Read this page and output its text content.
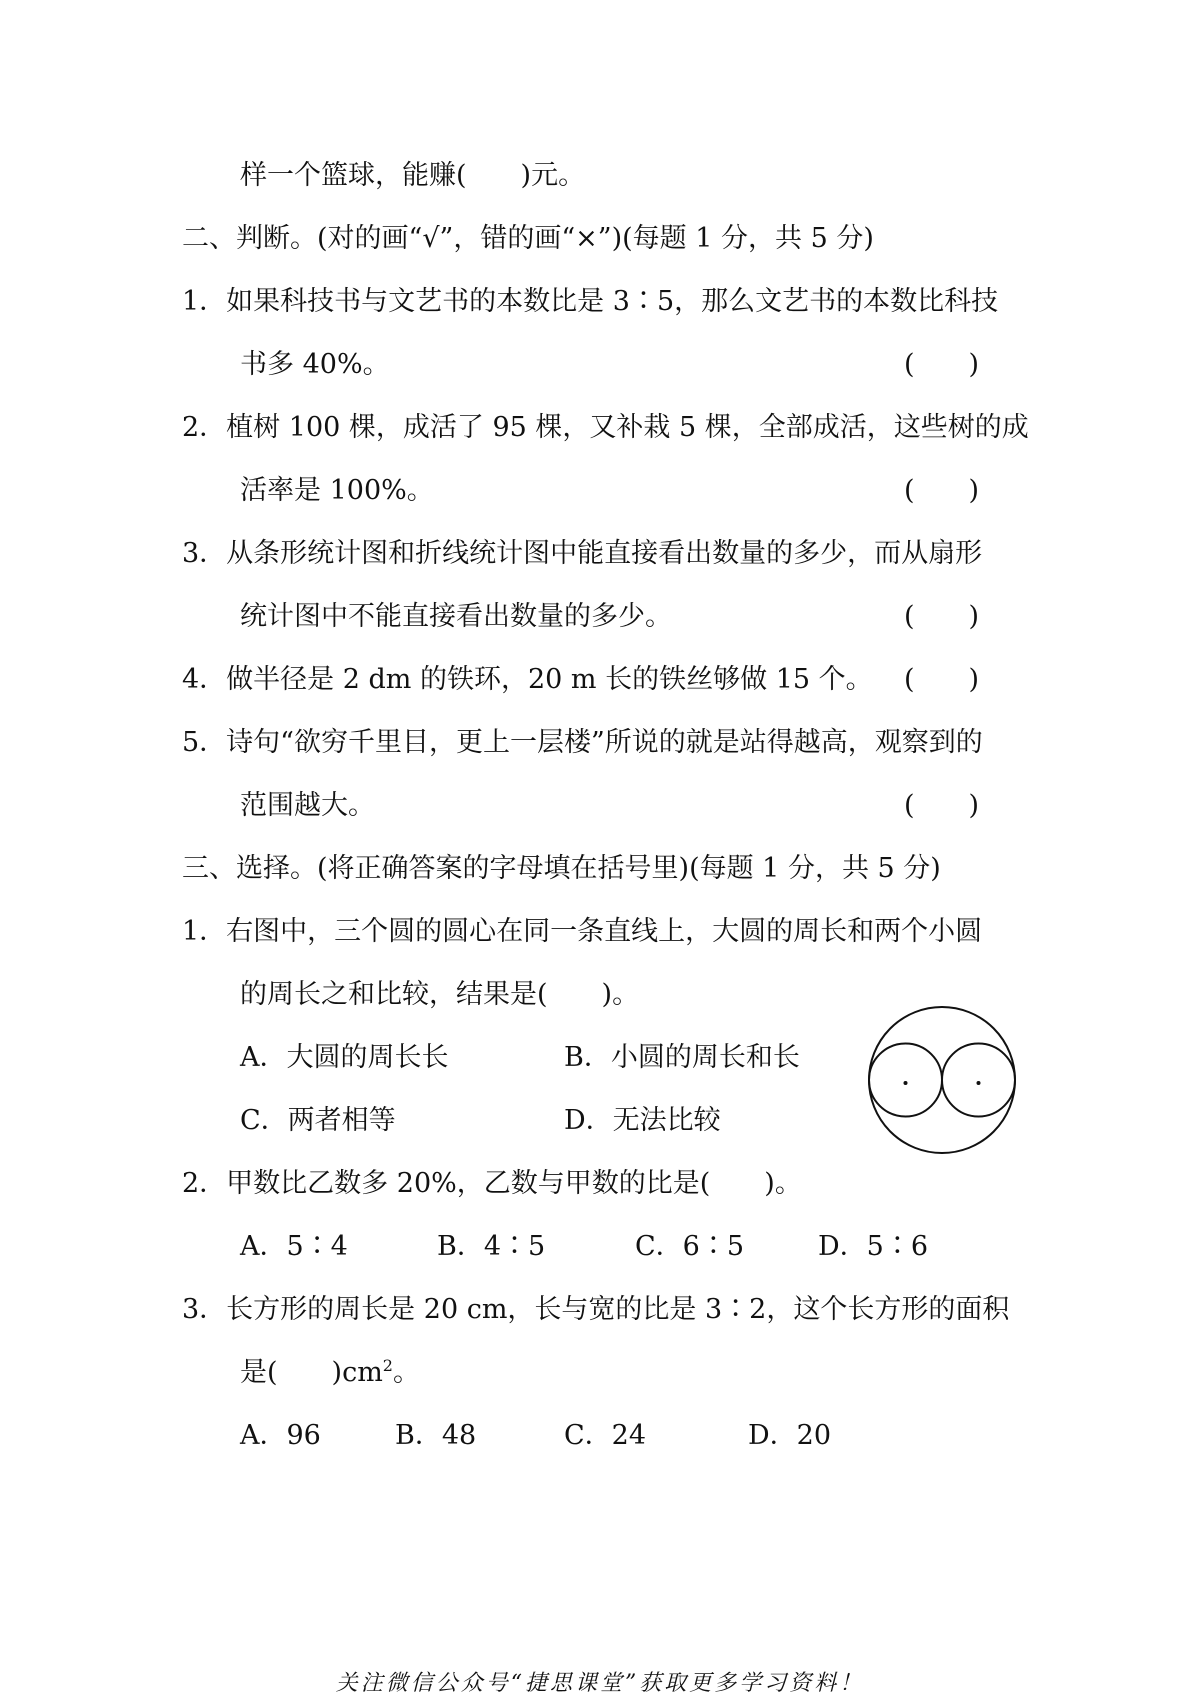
样一个篮球，能赚(　　)元。
二、判断。(对的画“√”，错的画“×”)(每题 1 分，共 5 分)
1．如果科技书与文艺书的本数比是 3∶5，那么文艺书的本数比科技
书多 40%。	(　　)
2．植树 100 棵，成活了 95 棵，又补栽 5 棵，全部成活，这些树的成
活率是 100%。	(　　)
3．从条形统计图和折线统计图中能直接看出数量的多少，而从扇形
统计图中不能直接看出数量的多少。	(　　)
4．做半径是 2 dm 的铁环，20 m 长的铁丝够做 15 个。 (　　)
5．诗句“欲穷千里目，更上一层楼”所说的就是站得越高，观察到的
范围越大。	(　　)
三、选择。(将正确答案的字母填在括号里)(每题 1 分，共 5 分)
1．右图中，三个圆的圆心在同一条直线上，大圆的周长和两个小圆
的周长之和比较，结果是(　　)。
A．大圆的周长长	B．小圆的周长和长
C．两者相等	D．无法比较
2．甲数比乙数多 20%，乙数与甲数的比是(　　)。
A．5∶4	B．4∶5	C．6∶5	D．5∶6
3．长方形的周长是 20 cm，长与宽的比是 3∶2，这个长方形的面积
是(　　)$cm^2$。
A．96	B．48	C．24	D．20
关注微信公众号“捷思课堂”获取更多学习资料！
